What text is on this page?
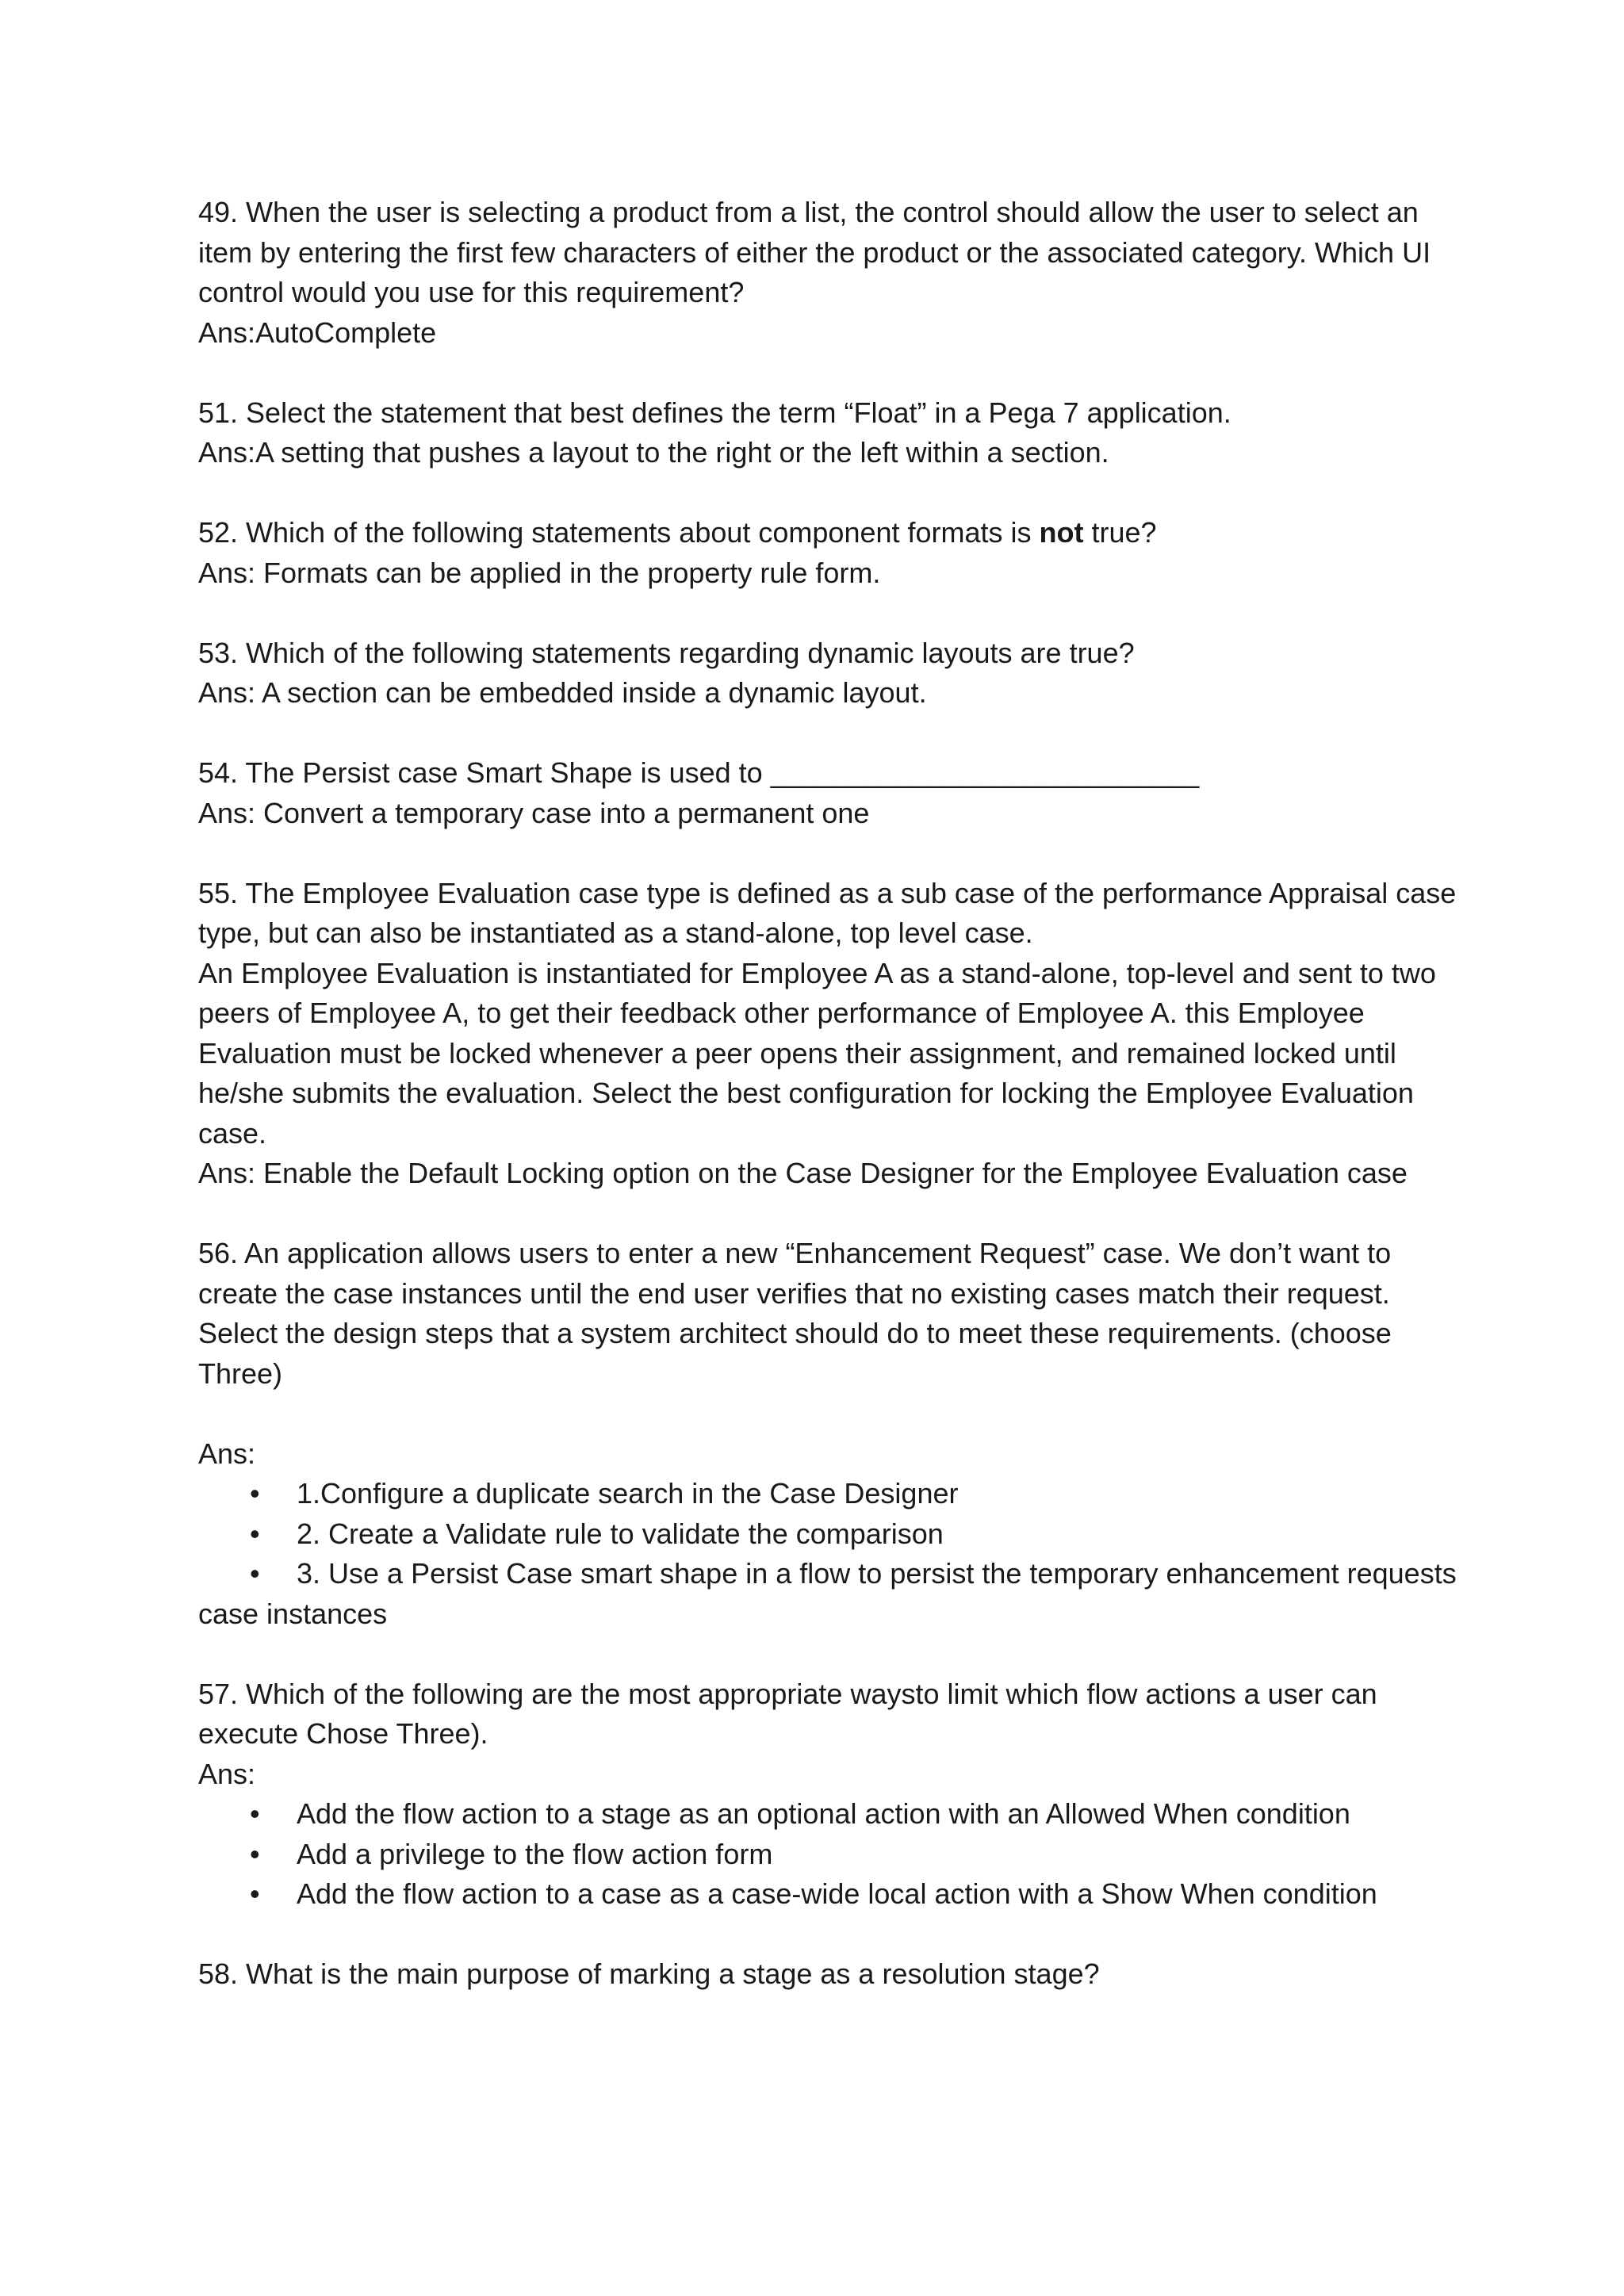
49. When the user is selecting a product from a list, the control should allow the user to select an item by entering the first few characters of either the product or the associated category. Which UI control would you use for this requirement?

Ans:AutoComplete

51. Select the statement that best defines the term “Float” in a Pega 7 application.

Ans:A setting that pushes a layout to the right or the left within a section.

52. Which of the following statements about component formats is not true?

Ans: Formats can be applied in the property rule form.

53. Which of the following statements regarding dynamic layouts are true?

Ans: A section can be embedded inside a dynamic layout.

54. The Persist case Smart Shape is used to ___________________________

Ans: Convert a temporary case into a permanent one

55. The Employee Evaluation case type is defined as a sub case of the performance Appraisal case type, but can also be instantiated as a stand-alone, top level case.

An Employee Evaluation is instantiated for Employee A as a stand-alone, top-level and sent to two peers of Employee A, to get their feedback other performance of Employee A. this Employee Evaluation must be locked whenever a peer opens their assignment, and remained locked until he/she submits the evaluation. Select the best configuration for locking the Employee Evaluation case.

Ans: Enable the Default Locking option on the Case Designer for the Employee Evaluation case

56. An application allows users to enter a new “Enhancement Request” case. We don’t want to create the case instances until the end user verifies that no existing cases match their request. Select the design steps that a system architect should do to meet these requirements. (choose Three)

Ans:

• 1.Configure a duplicate search in the Case Designer
• 2. Create a Validate rule to validate the comparison
• 3. Use a Persist Case smart shape in a flow to persist the temporary enhancement requests case instances

57. Which of the following are the most appropriate waysto limit which flow actions a user can execute Chose Three).

Ans:

• Add the flow action to a stage as an optional action with an Allowed When condition
• Add a privilege to the flow action form
• Add the flow action to a case as a case-wide local action with a Show When condition

58. What is the main purpose of marking a stage as a resolution stage?
